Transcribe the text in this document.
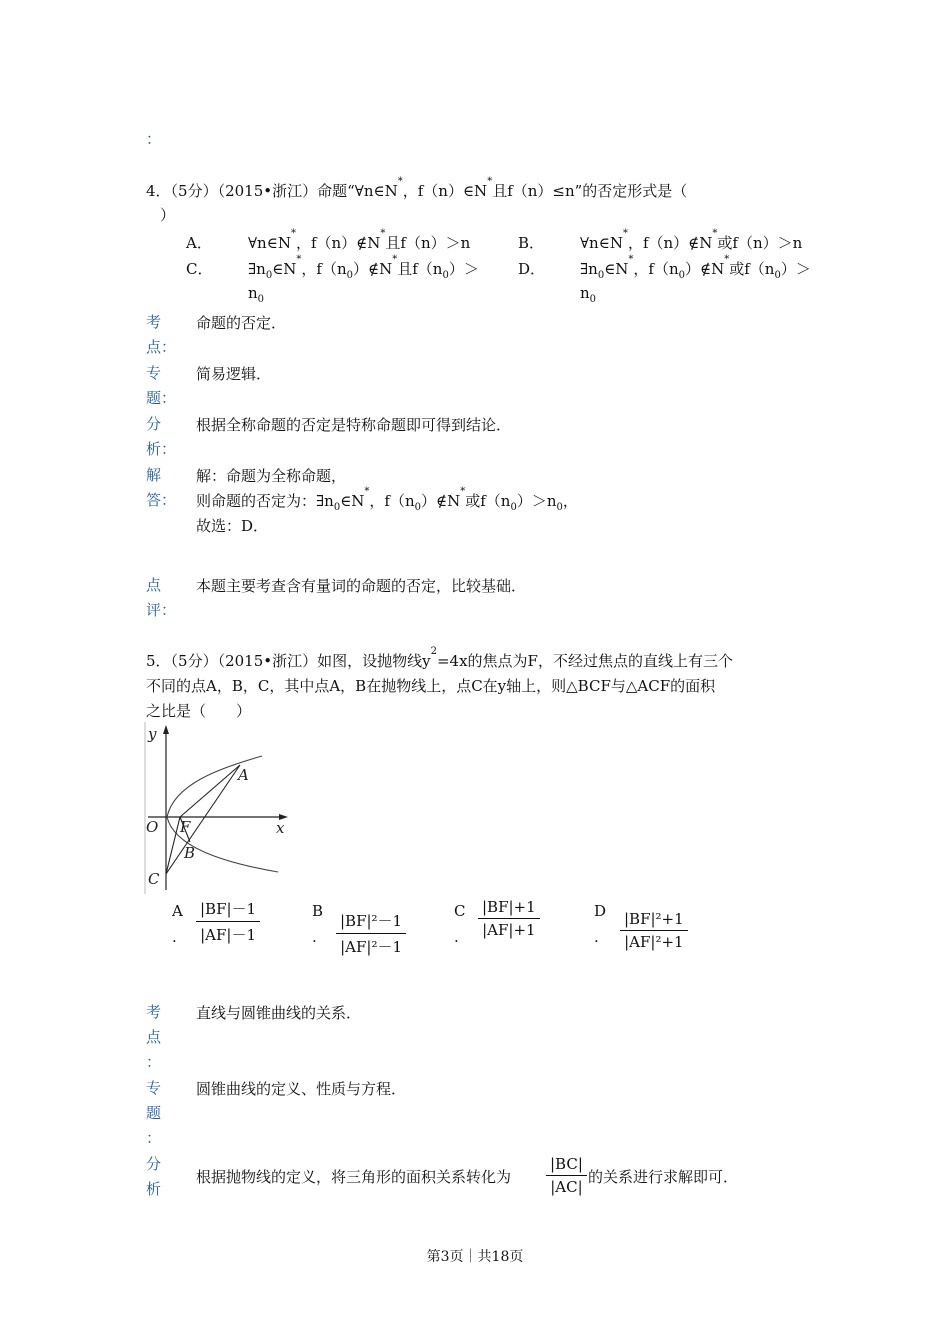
：
4．（5分）（2015•浙江）命题“∀n∈N*，f（n）∈N*且f（n）≤n”的否定形式是（
）
A． ∀n∈N*，f（n）∉N*且f（n）＞n	B． ∀n∈N*，f（n）∉N*或f（n）＞n
C． $\exists n_0\in N^*$，$f(n_0)\notin N^*$且$f(n_0)>$
$n_0$
D． $\exists n_0\in N^*$，$f(n_0)\notin N^*$或$f(n_0)>$
$n_0$
考
点：
命题的否定．
专
题：
简易逻辑．
分
析：
根据全称命题的否定是特称命题即可得到结论．
解
答：
解：命题为全称命题，
则命题的否定为：$\exists n_0\in N^*$，$f(n_0)\notin N^*$或$f(n_0)>n_0$，
故选：D．
点
评：
本题主要考查含有量词的命题的否定，比较基础．
5．（5分）（2015•浙江）如图，设抛物线$y^2=4x$的焦点为F，不经过焦点的直线上有三个
不同的点A，B，C，其中点A，B在抛物线上，点C在y轴上，则△BCF与△ACF的面积
之比是（　　）
y
x
O F
A
B
C
A
. $\frac{|BF|-1}{|AF|-1}$	B
. $\frac{\text{|BF|²－1}}{\text{|AF|²－1}}$	C
. $\frac{|BF|+1}{|AF|+1}$	D
. $\frac{\text{|BF|²+1}}{\text{|AF|²+1}}$
考
点
：
直线与圆锥曲线的关系．
专
题
：
圆锥曲线的定义、性质与方程．
分
析
根据抛物线的定义，将三角形的面积关系转化为 $\frac{|BC|}{|AC|}$ 的关系进行求解即可．
第3页｜共18页
